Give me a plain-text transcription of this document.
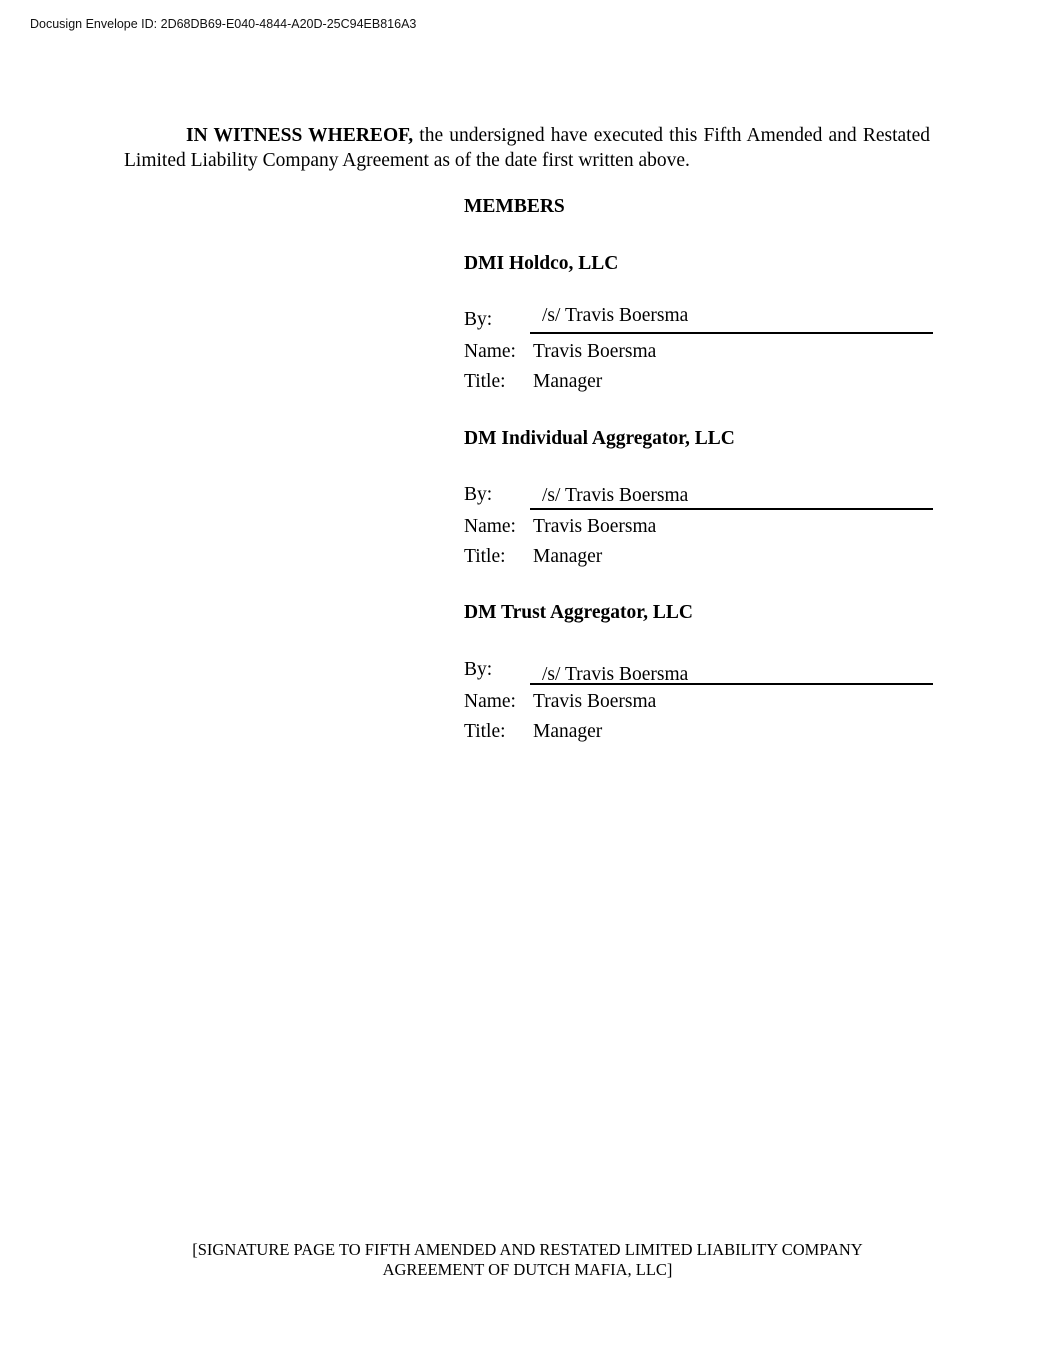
Docusign Envelope ID: 2D68DB69-E040-4844-A20D-25C94EB816A3
IN WITNESS WHEREOF, the undersigned have executed this Fifth Amended and Restated Limited Liability Company Agreement as of the date first written above.
MEMBERS
DMI Holdco, LLC
By:	/s/ Travis Boersma
Name: Travis Boersma
Title: Manager
DM Individual Aggregator, LLC
By:	/s/ Travis Boersma
Name: Travis Boersma
Title: Manager
DM Trust Aggregator, LLC
By:	/s/ Travis Boersma
Name: Travis Boersma
Title: Manager
[SIGNATURE PAGE TO FIFTH AMENDED AND RESTATED LIMITED LIABILITY COMPANY
AGREEMENT OF DUTCH MAFIA, LLC]
